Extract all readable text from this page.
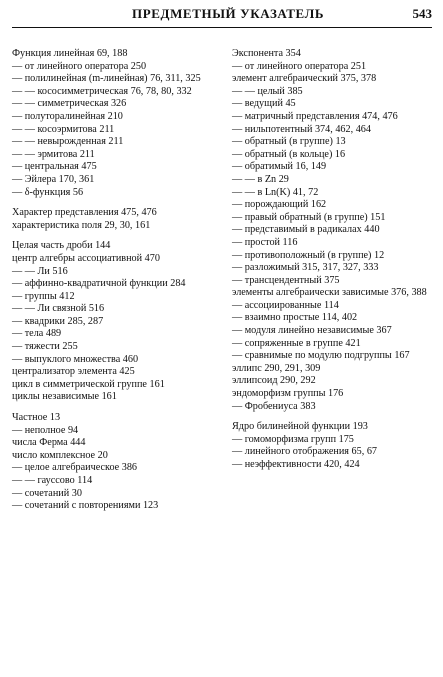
ПРЕДМЕТНЫЙ УКАЗАТЕЛЬ	543
Функция линейная 69, 188
— от линейного оператора 250
— полилинейная (m-линейная) 76, 311, 325
— — кососимметрическая 76, 78, 80, 332
— — симметрическая 326
— полуторалинейная 210
— — косоэрмитова 211
— — невырожденная 211
— — эрмитова 211
— центральная 475
— Эйлера 170, 361
— δ-функция 56
Характер представления 475, 476
характеристика поля 29, 30, 161
Целая часть дроби 144
центр алгебры ассоциативной 470
— — Ли 516
— аффинно-квадратичной функции 284
— группы 412
— — Ли связной 516
— квадрики 285, 287
— тела 489
— тяжести 255
— выпуклого множества 460
централизатор элемента 425
цикл в симметрической группе 161
циклы независимые 161
Частное 13
— неполное 94
числа Ферма 444
число комплексное 20
— целое алгебраическое 386
— — гауссово 114
— сочетаний 30
— сочетаний с повторениями 123
Экспонента 354
— от линейного оператора 251
элемент алгебраический 375, 378
— — целый 385
— ведущий 45
— матричный представления 474, 476
— нильпотентный 374, 462, 464
— обратный (в группе) 13
— обратный (в кольце) 16
— обратимый 16, 149
— — в Zn 29
— — в Ln(K) 41, 72
— порождающий 162
— правый обратный (в группе) 151
— представимый в радикалах 440
— простой 116
— противоположный (в группе) 12
— разложимый 315, 317, 327, 333
— трансцендентный 375
элементы алгебраически зависимые 376, 388
— ассоциированные 114
— взаимно простые 114, 402
— модуля линейно независимые 367
— сопряженные в группе 421
— сравнимые по модулю подгруппы 167
эллипс 290, 291, 309
эллипсоид 290, 292
эндоморфизм группы 176
— Фробениуса 383
Ядро билинейной функции 193
— гомоморфизма групп 175
— линейного отображения 65, 67
— неэффективности 420, 424
